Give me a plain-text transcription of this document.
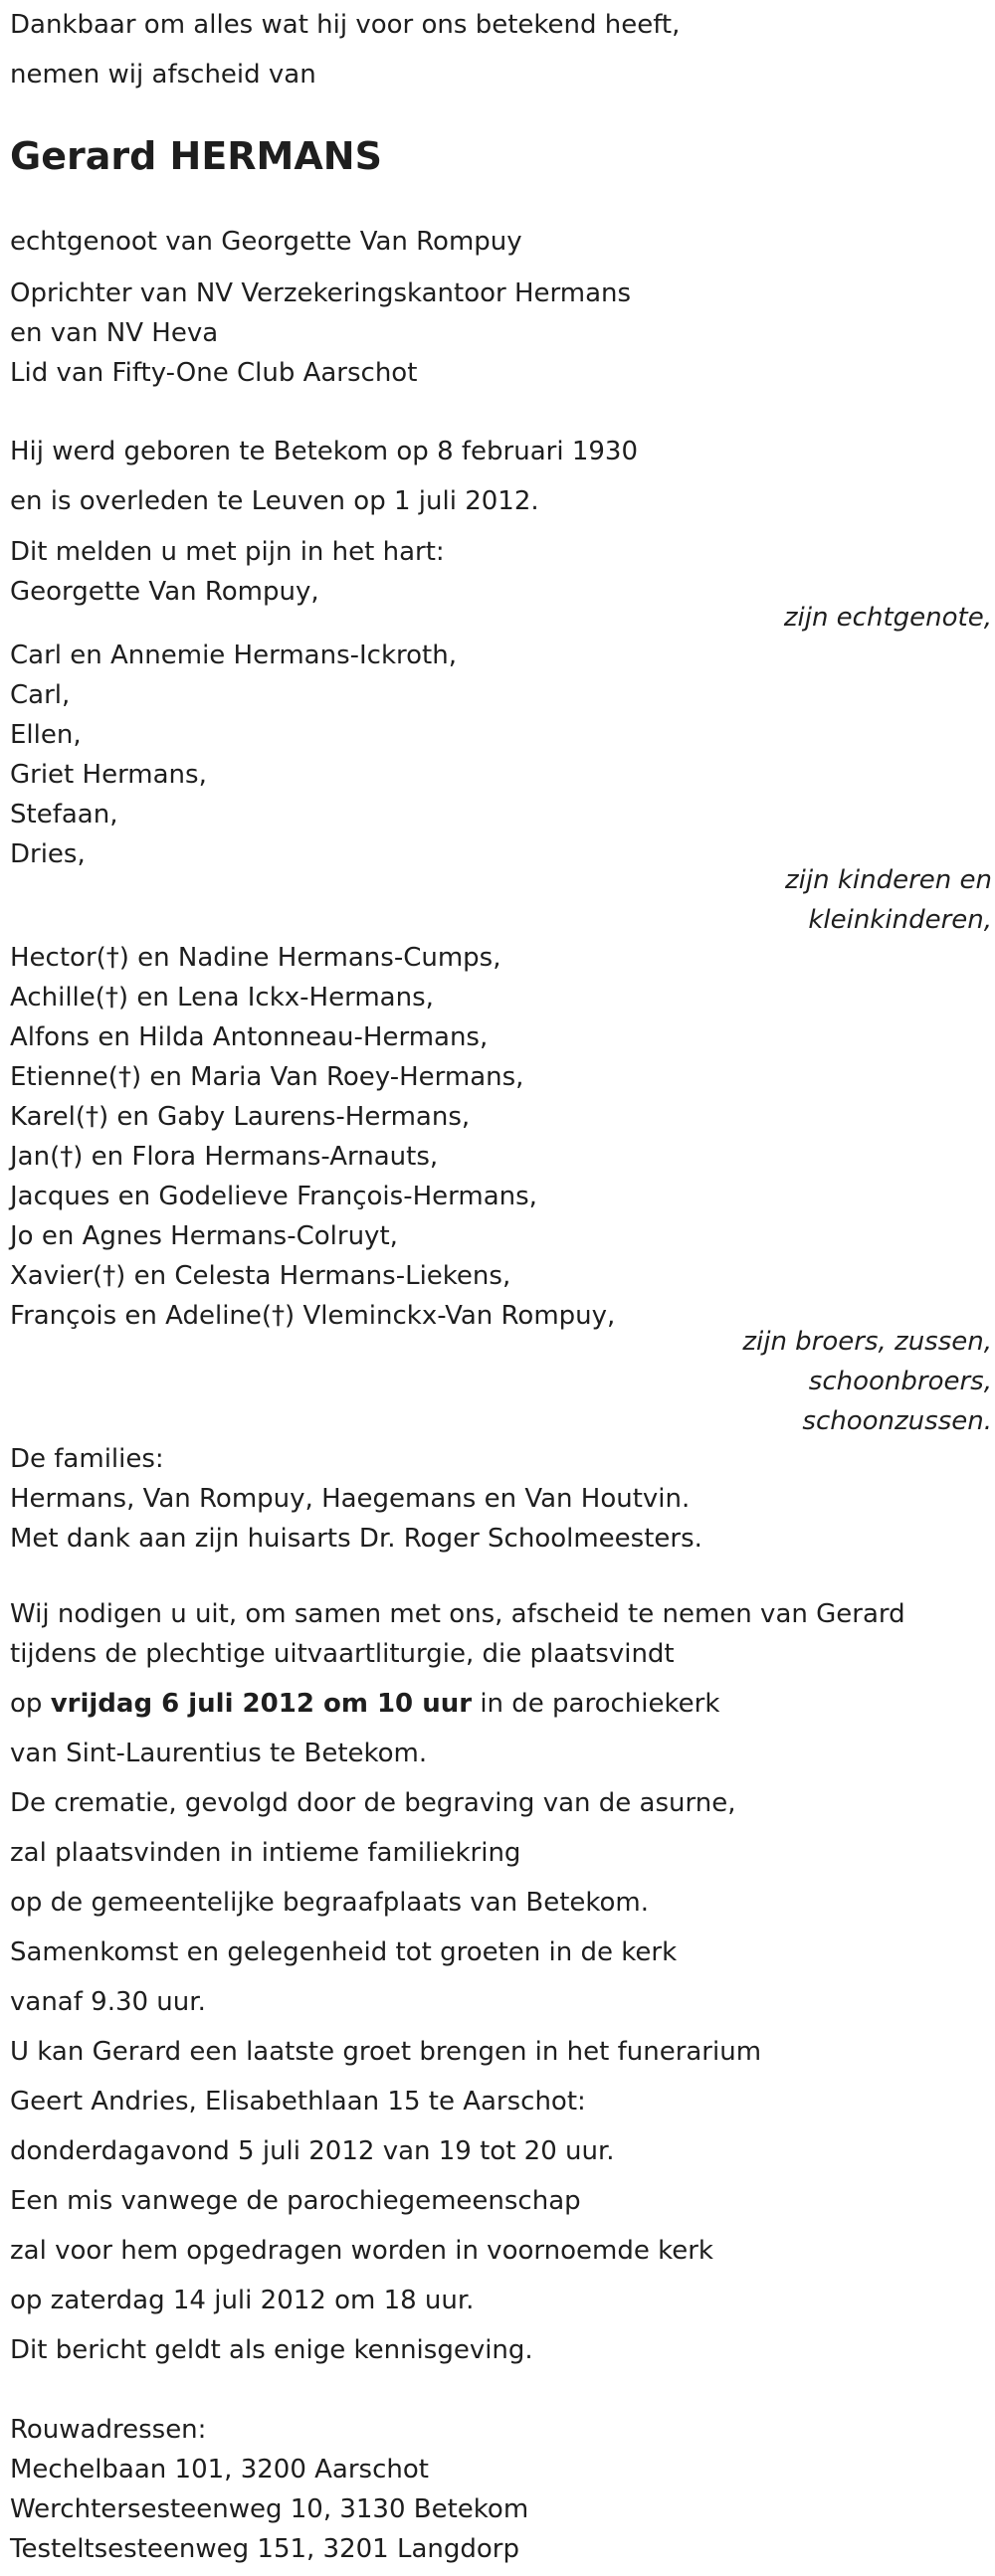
Dankbaar om alles wat hij voor ons betekend heeft,
nemen wij afscheid van
Gerard HERMANS
echtgenoot van Georgette Van Rompuy
Oprichter van NV Verzekeringskantoor Hermans
en van NV Heva
Lid van Fifty-One Club Aarschot
Hij werd geboren te Betekom op 8 februari 1930
en is overleden te Leuven op 1 juli 2012.
Dit melden u met pijn in het hart:
Georgette Van Rompuy,
zijn echtgenote,
Carl en Annemie Hermans-Ickroth,
Carl,
Ellen,
Griet Hermans,
Stefaan,
Dries,
zijn kinderen en
kleinkinderen,
Hector(†) en Nadine Hermans-Cumps,
Achille(†) en Lena Ickx-Hermans,
Alfons en Hilda Antonneau-Hermans,
Etienne(†) en Maria Van Roey-Hermans,
Karel(†) en Gaby Laurens-Hermans,
Jan(†) en Flora Hermans-Arnauts,
Jacques en Godelieve François-Hermans,
Jo en Agnes Hermans-Colruyt,
Xavier(†) en Celesta Hermans-Liekens,
François en Adeline(†) Vleminckx-Van Rompuy,
zijn broers, zussen,
schoonbroers,
schoonzussen.
De families:
Hermans, Van Rompuy, Haegemans en Van Houtvin.
Met dank aan zijn huisarts Dr. Roger Schoolmeesters.
Wij nodigen u uit, om samen met ons, afscheid te nemen van Gerard
tijdens de plechtige uitvaartliturgie, die plaatsvindt
op vrijdag 6 juli 2012 om 10 uur in de parochiekerk
van Sint-Laurentius te Betekom.
De crematie, gevolgd door de begraving van de asurne,
zal plaatsvinden in intieme familiekring
op de gemeentelijke begraafplaats van Betekom.
Samenkomst en gelegenheid tot groeten in de kerk
vanaf 9.30 uur.
U kan Gerard een laatste groet brengen in het funerarium
Geert Andries, Elisabethlaan 15 te Aarschot:
donderdagavond 5 juli 2012 van 19 tot 20 uur.
Een mis vanwege de parochiegemeenschap
zal voor hem opgedragen worden in voornoemde kerk
op zaterdag 14 juli 2012 om 18 uur.
Dit bericht geldt als enige kennisgeving.
Rouwadressen:
Mechelbaan 101, 3200 Aarschot
Werchtersesteenweg 10, 3130 Betekom
Testeltsesteenweg 151, 3201 Langdorp
